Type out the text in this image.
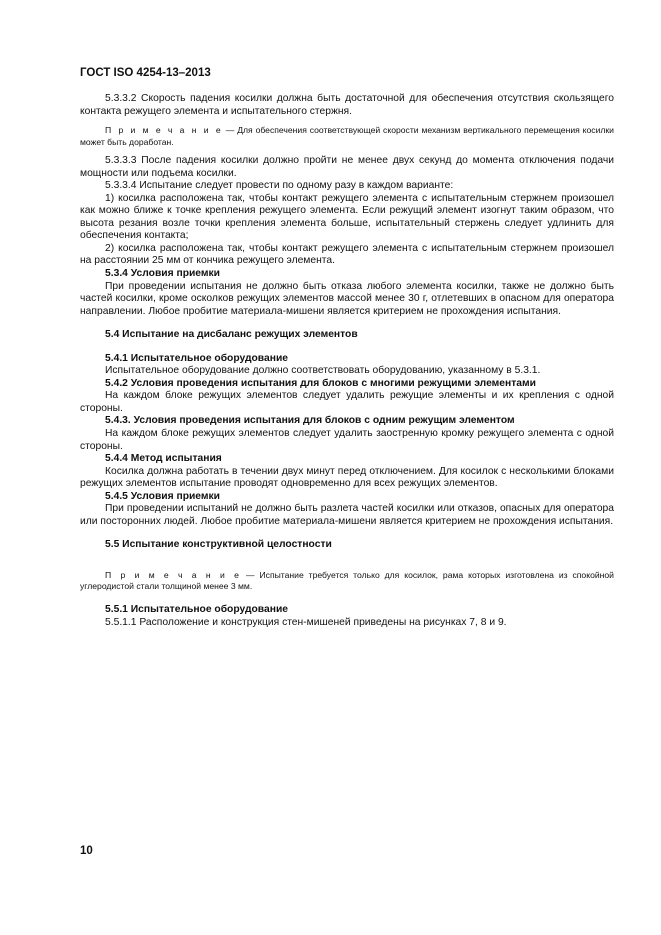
ГОСТ ISO 4254-13–2013

5.3.3.2 Скорость падения косилки должна быть достаточной для обеспечения отсутствия скользящего контакта режущего элемента и испытательного стержня.

П р и м е ч а н и е — Для обеспечения соответствующей скорости механизм вертикального перемещения косилки может быть доработан.

5.3.3.3 После падения косилки должно пройти не менее двух секунд до момента отключения подачи мощности или подъема косилки.

5.3.3.4 Испытание следует провести по одному разу в каждом варианте:

1) косилка расположена так, чтобы контакт режущего элемента с испытательным стержнем произошел как можно ближе к точке крепления режущего элемента. Если режущий элемент изогнут таким образом, что высота резания возле точки крепления элемента больше, испытательный стержень следует удлинить для обеспечения контакта;

2) косилка расположена так, чтобы контакт режущего элемента с испытательным стержнем произошел на расстоянии 25 мм от кончика режущего элемента.

5.3.4 Условия приемки

При проведении испытания не должно быть отказа любого элемента косилки, также не должно быть частей косилки, кроме осколков режущих элементов массой менее 30 г, отлетевших в опасном для оператора направлении. Любое пробитие материала-мишени является критерием не прохождения испытания.

5.4 Испытание на дисбаланс режущих элементов

5.4.1 Испытательное оборудование

Испытательное оборудование должно соответствовать оборудованию, указанному в 5.3.1.

5.4.2 Условия проведения испытания для блоков с многими режущими элементами

На каждом блоке режущих элементов следует удалить режущие элементы и их крепления с одной стороны.

5.4.3. Условия проведения испытания для блоков с одним режущим элементом

На каждом блоке режущих элементов следует удалить заостренную кромку режущего элемента с одной стороны.

5.4.4 Метод испытания

Косилка должна работать в течении двух минут перед отключением. Для косилок с несколькими блоками режущих элементов испытание проводят одновременно для всех режущих элементов.

5.4.5 Условия приемки

При проведении испытаний не должно быть разлета частей косилки или отказов, опасных для оператора или посторонних людей. Любое пробитие материала-мишени является критерием не прохождения испытания.

5.5 Испытание конструктивной целостности

П р и м е ч а н и е — Испытание требуется только для косилок, рама которых изготовлена из спокойной углеродистой стали толщиной менее 3 мм.

5.5.1 Испытательное оборудование

5.5.1.1 Расположение и конструкция стен-мишеней приведены на рисунках 7, 8 и 9.

10
